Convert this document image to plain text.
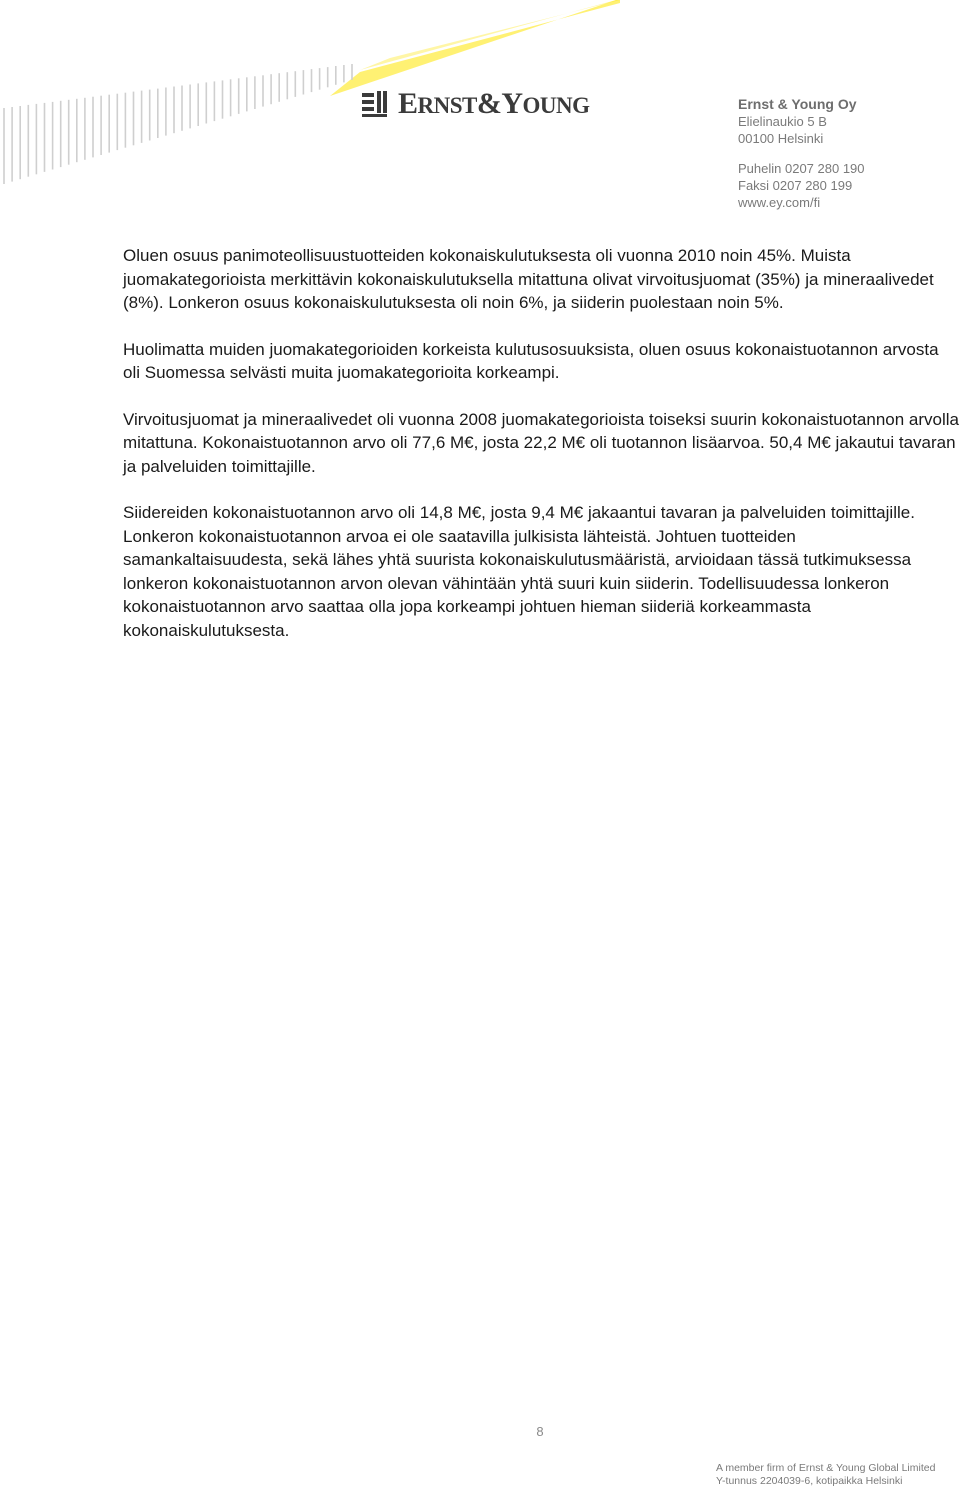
ERNST&YOUNG	Ernst & Young Oy
Elielinaukio 5 B
00100 Helsinki
Puhelin 0207 280 190
Faksi 0207 280 199
www.ey.com/fi

Oluen osuus panimoteollisuustuotteiden kokonaiskulutuksesta oli vuonna 2010 noin 45%. Muista juomakategorioista merkittävin kokonaiskulutuksella mitattuna olivat virvoitusjuomat (35%) ja mineraalivedet (8%). Lonkeron osuus kokonaiskulutuksesta oli noin 6%, ja siiderin puolestaan noin 5%.

Huolimatta muiden juomakategorioiden korkeista kulutusosuuksista, oluen osuus kokonaistuotannon arvosta oli Suomessa selvästi muita juomakategorioita korkeampi.

Virvoitusjuomat ja mineraalivedet oli vuonna 2008 juomakategorioista toiseksi suurin kokonaistuotannon arvolla mitattuna. Kokonaistuotannon arvo oli 77,6 M€, josta 22,2 M€ oli tuotannon lisäarvoa. 50,4 M€ jakautui tavaran ja palveluiden toimittajille.

Siidereiden kokonaistuotannon arvo oli 14,8 M€, josta 9,4 M€ jakaantui tavaran ja palveluiden toimittajille. Lonkeron kokonaistuotannon arvoa ei ole saatavilla julkisista lähteistä. Johtuen tuotteiden samankaltaisuudesta, sekä lähes yhtä suurista kokonaiskulutusmääristä, arvioidaan tässä tutkimuksessa lonkeron kokonaistuotannon arvon olevan vähintään yhtä suuri kuin siiderin. Todellisuudessa lonkeron kokonaistuotannon arvo saattaa olla jopa korkeampi johtuen hieman siideriä korkeammasta kokonaiskulutuksesta.

8
A member firm of Ernst & Young Global Limited
Y-tunnus 2204039-6, kotipaikka Helsinki
